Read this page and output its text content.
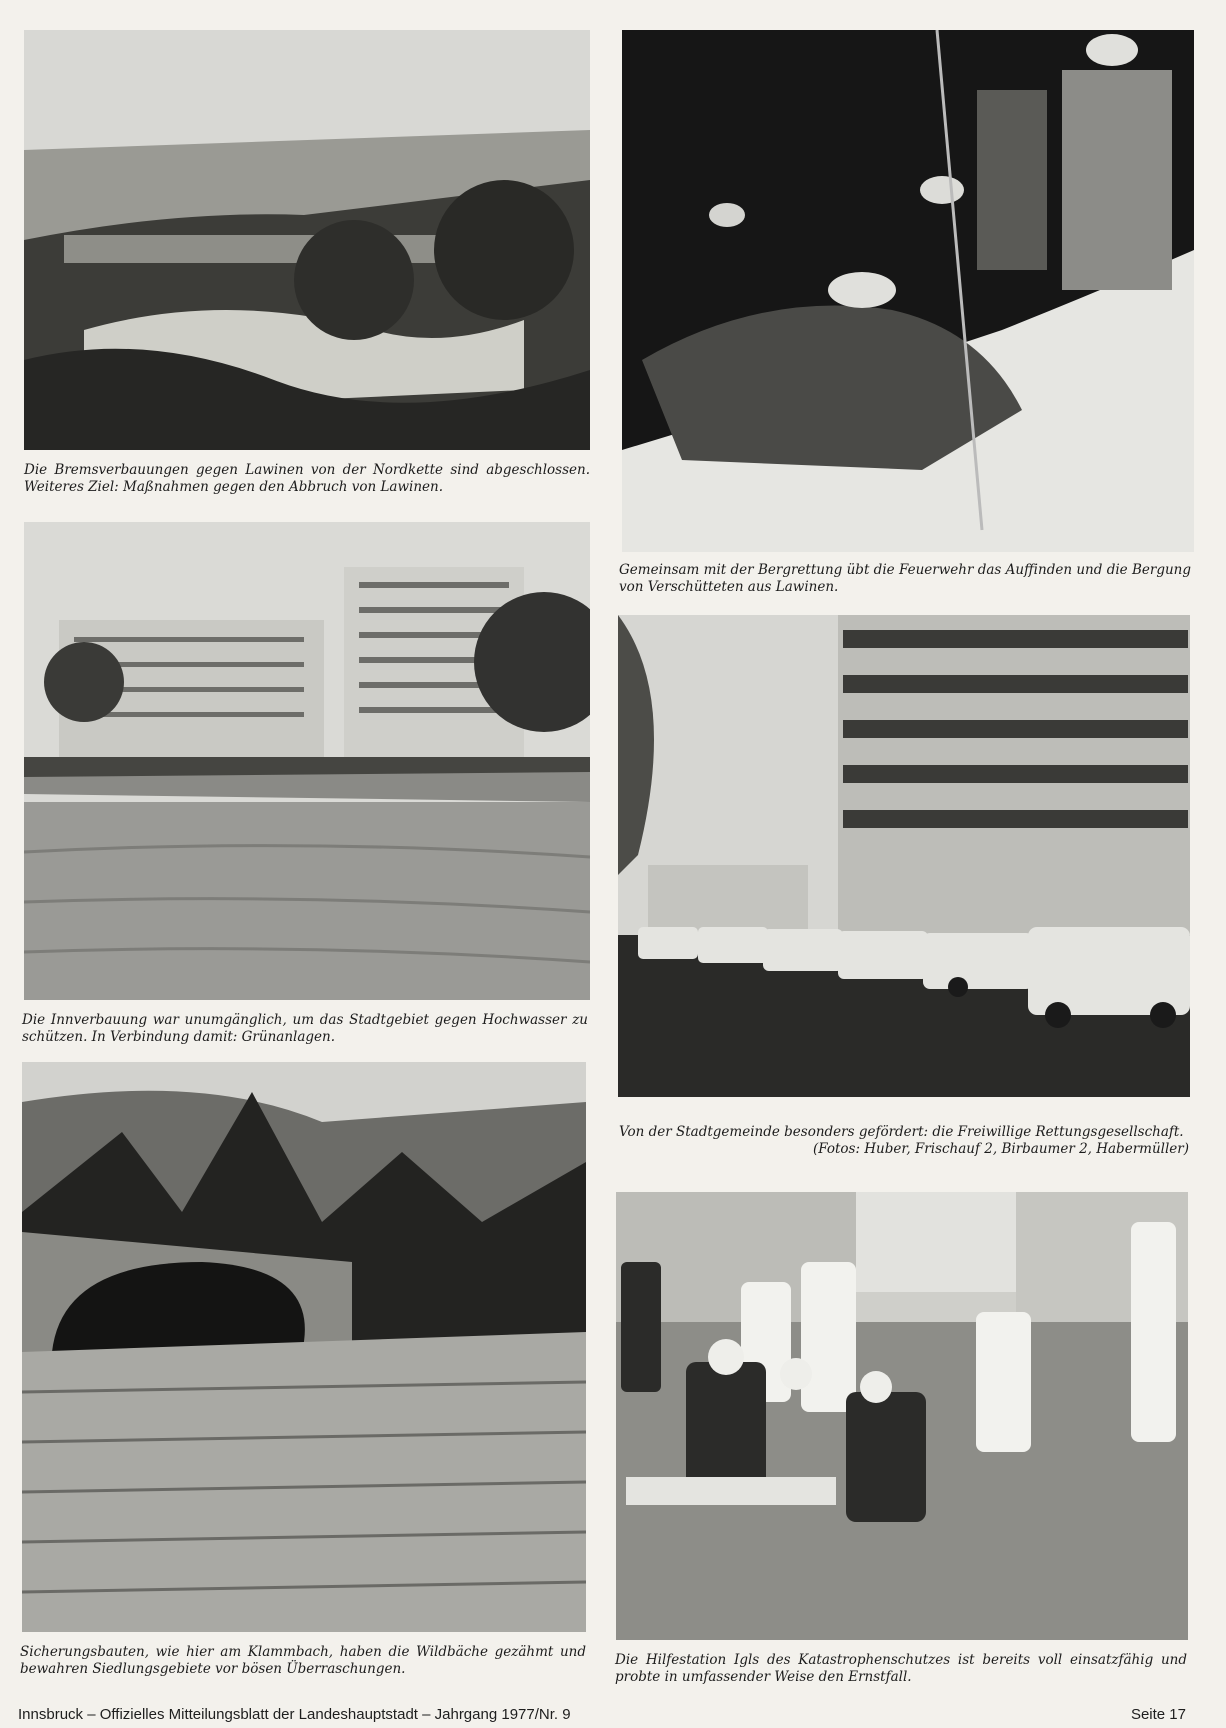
Die Bremsverbauungen gegen Lawinen von der Nordkette sind abgeschlossen. Weiteres Ziel: Maßnahmen gegen den Abbruch von Lawinen.
Gemeinsam mit der Bergrettung übt die Feuerwehr das Auffinden und die Bergung von Verschütteten aus Lawinen.
Die Innverbauung war unumgänglich, um das Stadtgebiet gegen Hochwasser zu schützen. In Verbindung damit: Grünanlagen.
Von der Stadtgemeinde besonders gefördert: die Freiwillige Rettungsgesellschaft.
(Fotos: Huber, Frischauf 2, Birbaumer 2, Habermüller)
Sicherungsbauten, wie hier am Klammbach, haben die Wildbäche gezähmt und bewahren Siedlungsgebiete vor bösen Überraschungen.
Die Hilfestation Igls des Katastrophenschutzes ist bereits voll einsatzfähig und probte in umfassender Weise den Ernstfall.
Innsbruck – Offizielles Mitteilungsblatt der Landeshauptstadt – Jahrgang 1977/Nr. 9	Seite 17
